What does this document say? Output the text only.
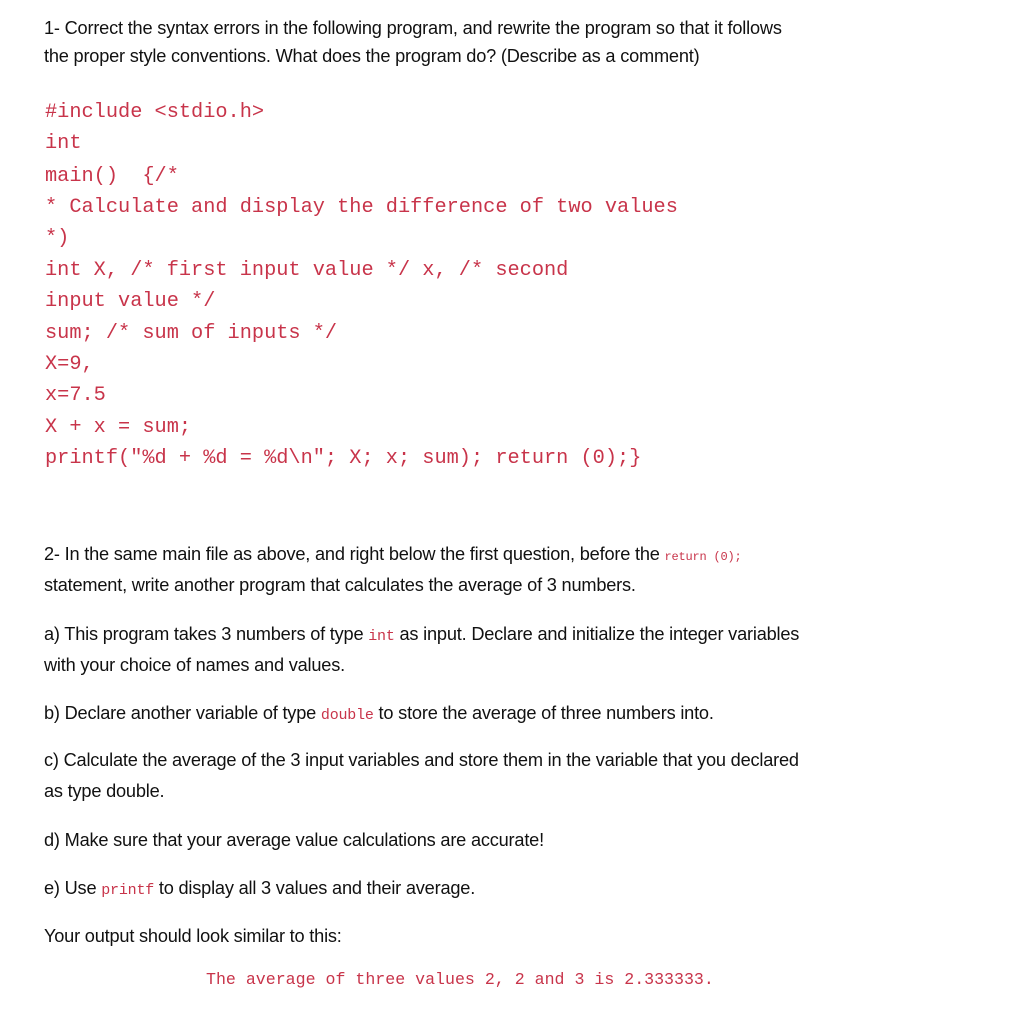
1- Correct the syntax errors in the following program, and rewrite the program so that it follows
the proper style conventions. What does the program do? (Describe as a comment)
#include <stdio.h>
int
main()  {/*
* Calculate and display the difference of two values
*)
int X, /* first input value */ x, /* second
input value */
sum; /* sum of inputs */
X=9,
x=7.5
X + x = sum;
printf("%d + %d = %d\n"; X; x; sum); return (0);}
2- In the same main file as above, and right below the first question, before the return (0);
statement, write another program that calculates the average of 3 numbers.
a) This program takes 3 numbers of type int as input. Declare and initialize the integer variables
with your choice of names and values.
b) Declare another variable of type double to store the average of three numbers into.
c) Calculate the average of the 3 input variables and store them in the variable that you declared
as type double.
d) Make sure that your average value calculations are accurate!
e) Use printf to display all 3 values and their average.
Your output should look similar to this:
The average of three values 2, 2 and 3 is 2.333333.
